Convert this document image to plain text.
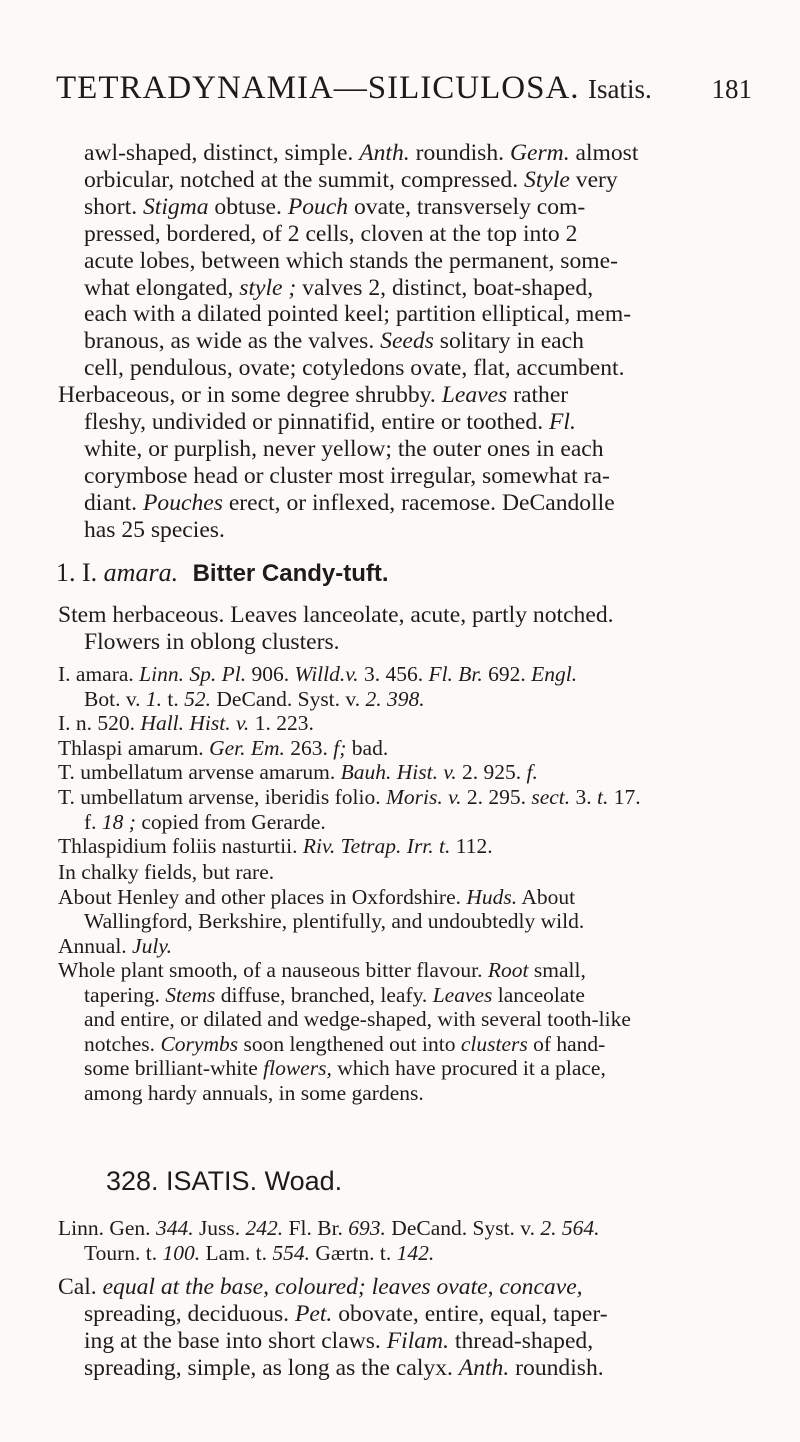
TETRADYNAMIA—SILICULOSA. Isatis. 181
awl-shaped, distinct, simple. Anth. roundish. Germ. almost
orbicular, notched at the summit, compressed. Style very
short. Stigma obtuse. Pouch ovate, transversely com-
pressed, bordered, of 2 cells, cloven at the top into 2
acute lobes, between which stands the permanent, some-
what elongated, style ; valves 2, distinct, boat-shaped,
each with a dilated pointed keel; partition elliptical, mem-
branous, as wide as the valves. Seeds solitary in each
cell, pendulous, ovate; cotyledons ovate, flat, accumbent.
Herbaceous, or in some degree shrubby. Leaves rather
fleshy, undivided or pinnatifid, entire or toothed. Fl.
white, or purplish, never yellow; the outer ones in each
corymbose head or cluster most irregular, somewhat ra-
diant. Pouches erect, or inflexed, racemose. DeCandolle
has 25 species.
1. I. amara. Bitter Candy-tuft.
Stem herbaceous. Leaves lanceolate, acute, partly notched.
Flowers in oblong clusters.
I. amara. Linn. Sp. Pl. 906. Willd.v. 3. 456. Fl. Br. 692. Engl.
Bot. v. 1. t. 52. DeCand. Syst. v. 2. 398.
I. n. 520. Hall. Hist. v. 1. 223.
Thlaspi amarum. Ger. Em. 263. f; bad.
T. umbellatum arvense amarum. Bauh. Hist. v. 2. 925. f.
T. umbellatum arvense, iberidis folio. Moris. v. 2. 295. sect. 3. t. 17.
f. 18 ; copied from Gerarde.
Thlaspidium foliis nasturtii. Riv. Tetrap. Irr. t. 112.
In chalky fields, but rare.
About Henley and other places in Oxfordshire. Huds. About
Wallingford, Berkshire, plentifully, and undoubtedly wild.
Annual. July.
Whole plant smooth, of a nauseous bitter flavour. Root small,
tapering. Stems diffuse, branched, leafy. Leaves lanceolate
and entire, or dilated and wedge-shaped, with several tooth-like
notches. Corymbs soon lengthened out into clusters of hand-
some brilliant-white flowers, which have procured it a place,
among hardy annuals, in some gardens.
328. ISATIS. Woad.
Linn. Gen. 344. Juss. 242. Fl. Br. 693. DeCand. Syst. v. 2. 564.
Tourn. t. 100. Lam. t. 554. Gærtn. t. 142.
Cal. equal at the base, coloured; leaves ovate, concave,
spreading, deciduous. Pet. obovate, entire, equal, taper-
ing at the base into short claws. Filam. thread-shaped,
spreading, simple, as long as the calyx. Anth. roundish.
